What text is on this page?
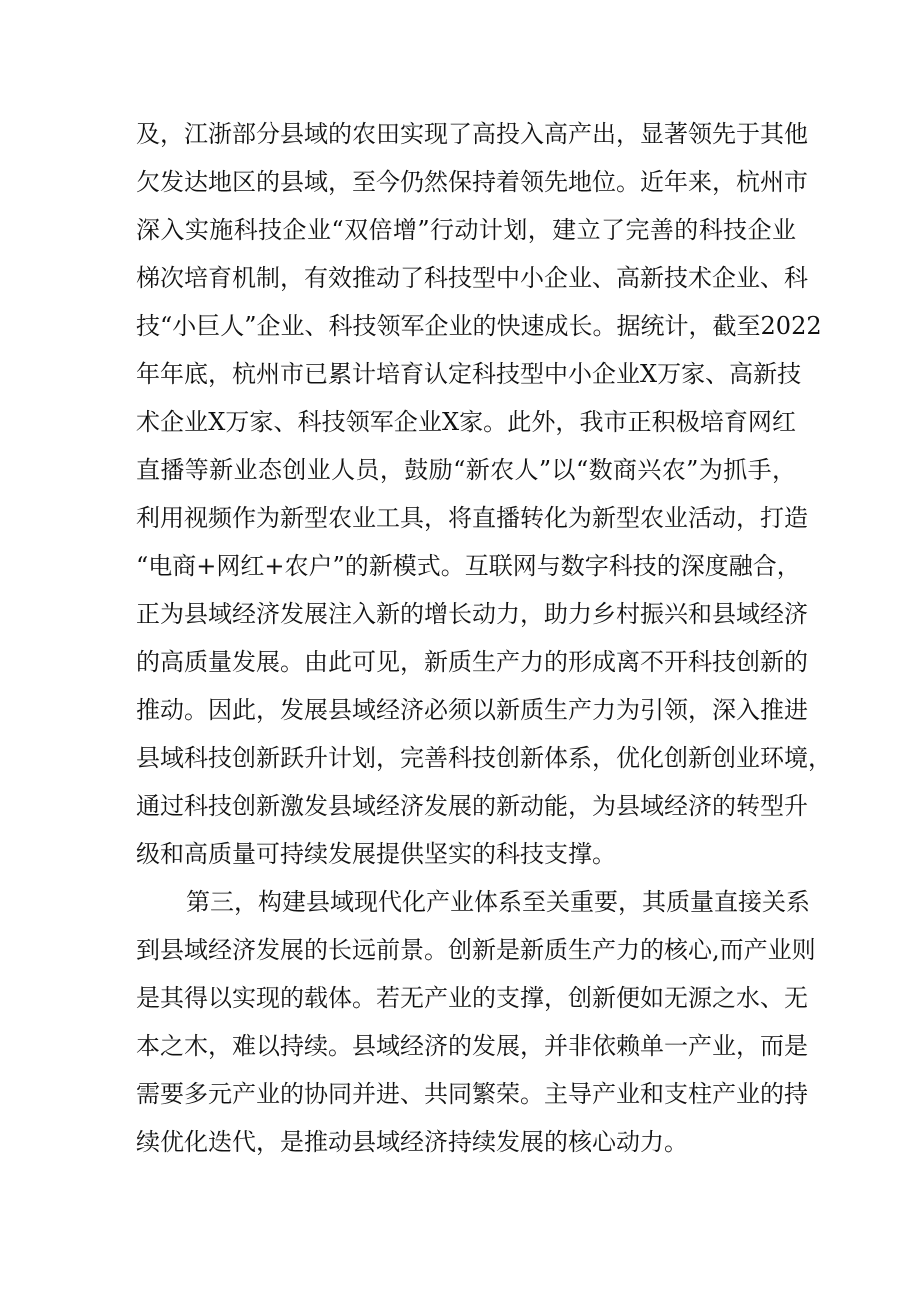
及，江浙部分县域的农田实现了高投入高产出，显著领先于其他
欠发达地区的县域，至今仍然保持着领先地位。近年来，杭州市
深入实施科技企业“双倍增”行动计划，建立了完善的科技企业
梯次培育机制，有效推动了科技型中小企业、高新技术企业、科
技“小巨人”企业、科技领军企业的快速成长。据统计，截至2022
年年底，杭州市已累计培育认定科技型中小企业X万家、高新技
术企业X万家、科技领军企业X家。此外，我市正积极培育网红
直播等新业态创业人员，鼓励“新农人”以“数商兴农”为抓手，
利用视频作为新型农业工具，将直播转化为新型农业活动，打造
“电商+网红+农户”的新模式。互联网与数字科技的深度融合，
正为县域经济发展注入新的增长动力，助力乡村振兴和县域经济
的高质量发展。由此可见，新质生产力的形成离不开科技创新的
推动。因此，发展县域经济必须以新质生产力为引领，深入推进
县域科技创新跃升计划，完善科技创新体系，优化创新创业环境，
通过科技创新激发县域经济发展的新动能，为县域经济的转型升
级和高质量可持续发展提供坚实的科技支撑。
第三，构建县域现代化产业体系至关重要，其质量直接关系
到县域经济发展的长远前景。创新是新质生产力的核心,而产业则
是其得以实现的载体。若无产业的支撑，创新便如无源之水、无
本之木，难以持续。县域经济的发展，并非依赖单一产业，而是
需要多元产业的协同并进、共同繁荣。主导产业和支柱产业的持
续优化迭代，是推动县域经济持续发展的核心动力。
